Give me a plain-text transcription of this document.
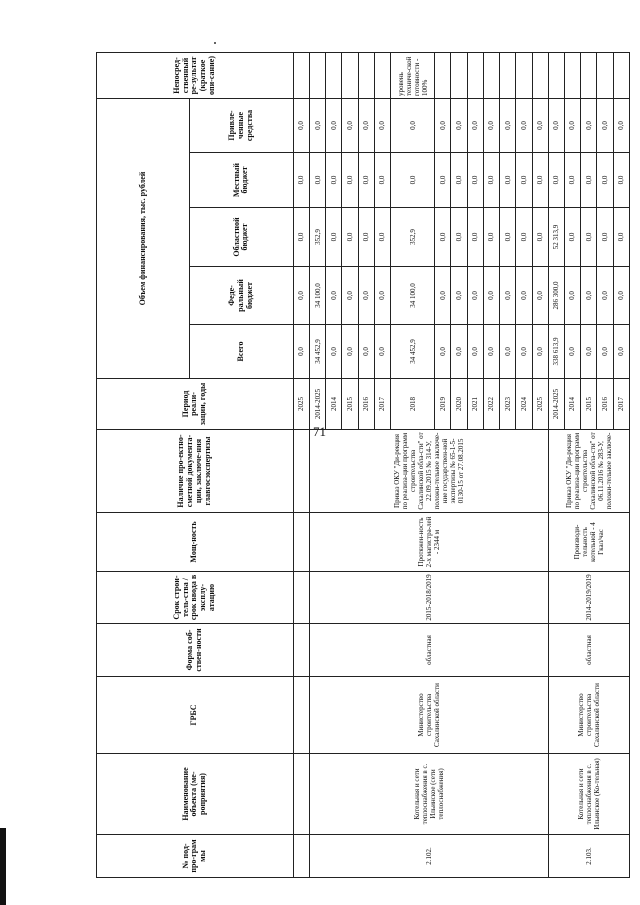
71
№ под-про-грам мы	Наименование объекта (ме-роприятия)	ГРБС	Форма соб-ствен-ности	Срок строи-тель-ства / срок ввода в эксплу-атацию	Мощ-ность	Наличие про-ектно-сметной документа-ции, заключе-ния главгосэкспертизы	Период реали-зации, годы	Объем финансирования, тыс. рублей					Непосред-ственный ре-зультат (краткое опи-сание)
								Всего	Феде-ральный бюджет	Областной бюджет	Местный бюджет	Привле-ченные средства	
							2025	0,0	0,0	0,0	0,0	0,0	
2.102.	Котельная и сети теплоснабжения в с. Ильинское (сети теплоснабжения)	Министерство строительства Сахалинской области	областная	2015-2018/2019	Протяжен-ность 2-х магистра-лей - 2344 м	Приказ ОКУ "Ди-рекция по реализа-ции программ строительства Сахалинской обла-сти" от 22.09.2015 № 314-У, положи-тельное заключе-ние государствен-ной экспертизы № 65-1-5-0130-15 от 27.08.2015	2014-2025	34 452,9	34 100,0	352,9	0,0	0,0	
							2014	0,0	0,0	0,0	0,0	0,0	
							2015	0,0	0,0	0,0	0,0	0,0	
							2016	0,0	0,0	0,0	0,0	0,0	
							2017	0,0	0,0	0,0	0,0	0,0	
							2018	34 452,9	34 100,0	352,9	0,0	0,0	уровень техниче-ской готовности - 100%
							2019	0,0	0,0	0,0	0,0	0,0	
							2020	0,0	0,0	0,0	0,0	0,0	
							2021	0,0	0,0	0,0	0,0	0,0	
							2022	0,0	0,0	0,0	0,0	0,0	
							2023	0,0	0,0	0,0	0,0	0,0	
							2024	0,0	0,0	0,0	0,0	0,0	
							2025	0,0	0,0	0,0	0,0	0,0	
2.103.	Котельная и сети теплоснабжения в с. Ильинское (Ко-тельная)	Министерство строительства Сахалинской области	областная	2014-2019/2019	Производи-тельность котельной - 4 Гкал/час	Приказ ОКУ "Ди-рекция по реализа-ции программ строительства Сахалинской обла-сти" от 06.11.2016 № 283-У, положи-тельное заключе-	2014-2025	338 613,9	286 300,0	52 313,9	0,0	0,0	
							2014	0,0	0,0	0,0	0,0	0,0	
							2015	0,0	0,0	0,0	0,0	0,0	
							2016	0,0	0,0	0,0	0,0	0,0	
							2017	0,0	0,0	0,0	0,0	0,0	
